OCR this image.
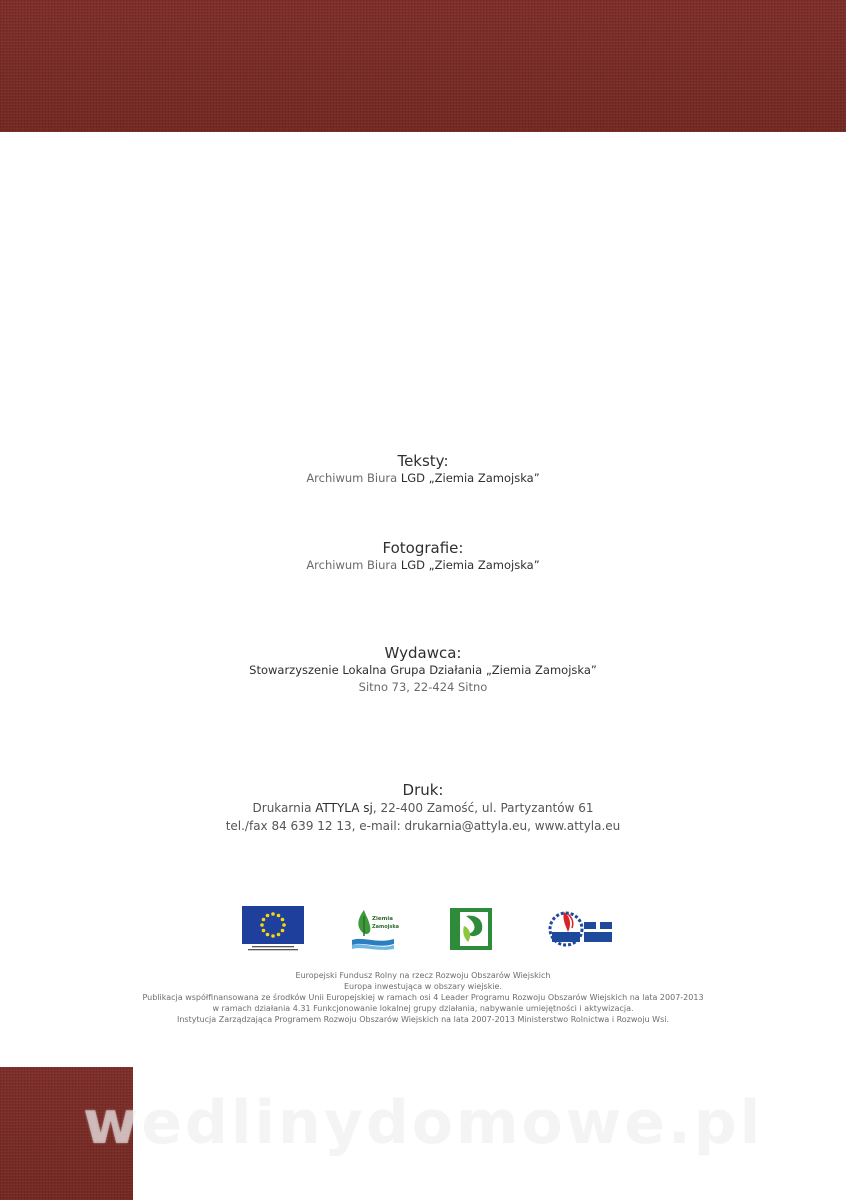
Teksty:

Archiwum Biura LGD „Ziemia Zamojska”

Fotografie:

Archiwum Biura LGD „Ziemia Zamojska”

Wydawca:

Stowarzyszenie Lokalna Grupa Działania „Ziemia Zamojska”

Sitno 73, 22-424 Sitno

Druk:

Drukarnia ATTYLA sj, 22-400 Zamość, ul. Partyzantów 61

tel./fax 84 639 12 13, e-mail: drukarnia@attyla.eu, www.attyla.eu

Ziemia
Zamojska
Europejski Fundusz Rolny na rzecz Rozwoju Obszarów Wiejskich
Europa inwestująca w obszary wiejskie.
Publikacja współfinansowana ze środków Unii Europejskiej w ramach osi 4 Leader Programu Rozwoju Obszarów Wiejskich na lata 2007-2013
w ramach działania 4.31 Funkcjonowanie lokalnej grupy działania, nabywanie umiejętności i aktywizacja.
Instytucja Zarządzająca Programem Rozwoju Obszarów Wiejskich na lata 2007-2013 Ministerstwo Rolnictwa i Rozwoju Wsi.
wedlinydomowe.pl
